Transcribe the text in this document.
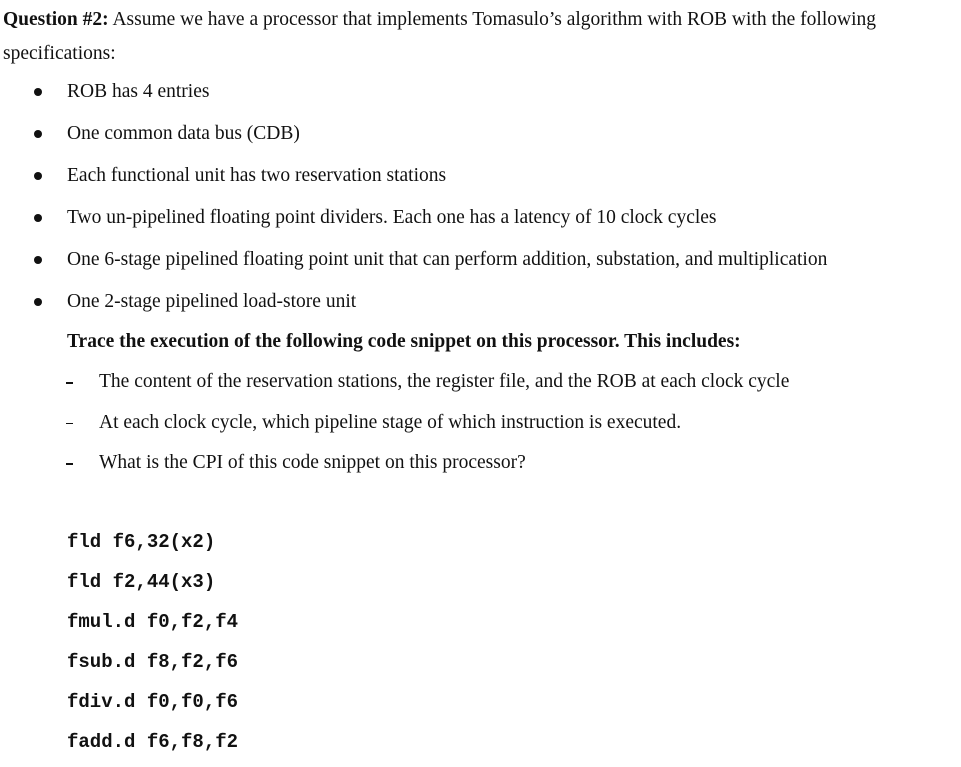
Question #2: Assume we have a processor that implements Tomasulo’s algorithm with ROB with the following specifications:
ROB has 4 entries
One common data bus (CDB)
Each functional unit has two reservation stations
Two un-pipelined floating point dividers. Each one has a latency of 10 clock cycles
One 6-stage pipelined floating point unit that can perform addition, substation, and multiplication
One 2-stage pipelined load-store unit
Trace the execution of the following code snippet on this processor. This includes:
The content of the reservation stations, the register file, and the ROB at each clock cycle
At each clock cycle, which pipeline stage of which instruction is executed.
What is the CPI of this code snippet on this processor?
fld f6,32(x2)
fld f2,44(x3)
fmul.d f0,f2,f4
fsub.d f8,f2,f6
fdiv.d f0,f0,f6
fadd.d f6,f8,f2
